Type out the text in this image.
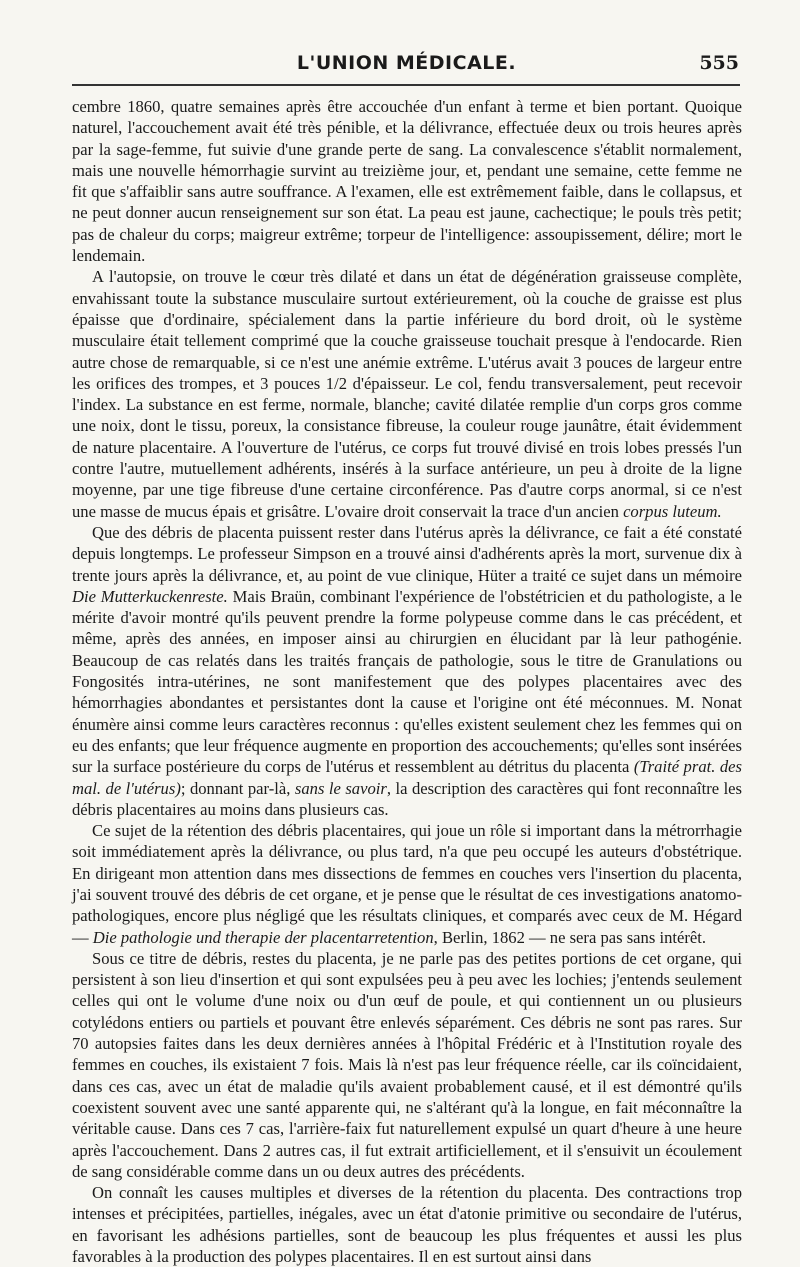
L'UNION MÉDICALE.	555

cembre 1860, quatre semaines après être accouchée d'un enfant à terme et bien portant. Quoique naturel, l'accouchement avait été très pénible, et la délivrance, effectuée deux ou trois heures après par la sage-femme, fut suivie d'une grande perte de sang. La convalescence s'établit normalement, mais une nouvelle hémorrhagie survint au treizième jour, et, pendant une semaine, cette femme ne fit que s'affaiblir sans autre souffrance. A l'examen, elle est extrêmement faible, dans le collapsus, et ne peut donner aucun renseignement sur son état. La peau est jaune, cachectique; le pouls très petit; pas de chaleur du corps; maigreur extrême; torpeur de l'intelligence: assoupissement, délire; mort le lendemain.

A l'autopsie, on trouve le cœur très dilaté et dans un état de dégénération graisseuse complète, envahissant toute la substance musculaire surtout extérieurement, où la couche de graisse est plus épaisse que d'ordinaire, spécialement dans la partie inférieure du bord droit, où le système musculaire était tellement comprimé que la couche graisseuse touchait presque à l'endocarde. Rien autre chose de remarquable, si ce n'est une anémie extrême. L'utérus avait 3 pouces de largeur entre les orifices des trompes, et 3 pouces 1/2 d'épaisseur. Le col, fendu transversalement, peut recevoir l'index. La substance en est ferme, normale, blanche; cavité dilatée remplie d'un corps gros comme une noix, dont le tissu, poreux, la consistance fibreuse, la couleur rouge jaunâtre, était évidemment de nature placentaire. A l'ouverture de l'utérus, ce corps fut trouvé divisé en trois lobes pressés l'un contre l'autre, mutuellement adhérents, insérés à la surface antérieure, un peu à droite de la ligne moyenne, par une tige fibreuse d'une certaine circonférence. Pas d'autre corps anormal, si ce n'est une masse de mucus épais et grisâtre. L'ovaire droit conservait la trace d'un ancien corpus luteum.

Que des débris de placenta puissent rester dans l'utérus après la délivrance, ce fait a été constaté depuis longtemps. Le professeur Simpson en a trouvé ainsi d'adhérents après la mort, survenue dix à trente jours après la délivrance, et, au point de vue clinique, Hüter a traité ce sujet dans un mémoire Die Mutterkuckenreste. Mais Braün, combinant l'expérience de l'obstétricien et du pathologiste, a le mérite d'avoir montré qu'ils peuvent prendre la forme polypeuse comme dans le cas précédent, et même, après des années, en imposer ainsi au chirurgien en élucidant par là leur pathogénie. Beaucoup de cas relatés dans les traités français de pathologie, sous le titre de Granulations ou Fongosités intra-utérines, ne sont manifestement que des polypes placentaires avec des hémorrhagies abondantes et persistantes dont la cause et l'origine ont été méconnues. M. Nonat énumère ainsi comme leurs caractères reconnus : qu'elles existent seulement chez les femmes qui on eu des enfants; que leur fréquence augmente en proportion des accouchements; qu'elles sont insérées sur la surface postérieure du corps de l'utérus et ressemblent au détritus du placenta (Traité prat. des mal. de l'utérus); donnant par-là, sans le savoir, la description des caractères qui font reconnaître les débris placentaires au moins dans plusieurs cas.

Ce sujet de la rétention des débris placentaires, qui joue un rôle si important dans la métrorrhagie soit immédiatement après la délivrance, ou plus tard, n'a que peu occupé les auteurs d'obstétrique. En dirigeant mon attention dans mes dissections de femmes en couches vers l'insertion du placenta, j'ai souvent trouvé des débris de cet organe, et je pense que le résultat de ces investigations anatomo-pathologiques, encore plus négligé que les résultats cliniques, et comparés avec ceux de M. Hégard — Die pathologie und therapie der placentarretention, Berlin, 1862 — ne sera pas sans intérêt.

Sous ce titre de débris, restes du placenta, je ne parle pas des petites portions de cet organe, qui persistent à son lieu d'insertion et qui sont expulsées peu à peu avec les lochies; j'entends seulement celles qui ont le volume d'une noix ou d'un œuf de poule, et qui contiennent un ou plusieurs cotylédons entiers ou partiels et pouvant être enlevés séparément. Ces débris ne sont pas rares. Sur 70 autopsies faites dans les deux dernières années à l'hôpital Frédéric et à l'Institution royale des femmes en couches, ils existaient 7 fois. Mais là n'est pas leur fréquence réelle, car ils coïncidaient, dans ces cas, avec un état de maladie qu'ils avaient probablement causé, et il est démontré qu'ils coexistent souvent avec une santé apparente qui, ne s'altérant qu'à la longue, en fait méconnaître la véritable cause. Dans ces 7 cas, l'arrière-faix fut naturellement expulsé un quart d'heure à une heure après l'accouchement. Dans 2 autres cas, il fut extrait artificiellement, et il s'ensuivit un écoulement de sang considérable comme dans un ou deux autres des précédents.

On connaît les causes multiples et diverses de la rétention du placenta. Des contractions trop intenses et précipitées, partielles, inégales, avec un état d'atonie primitive ou secondaire de l'utérus, en favorisant les adhésions partielles, sont de beaucoup les plus fréquentes et aussi les plus favorables à la production des polypes placentaires. Il en est surtout ainsi dans
